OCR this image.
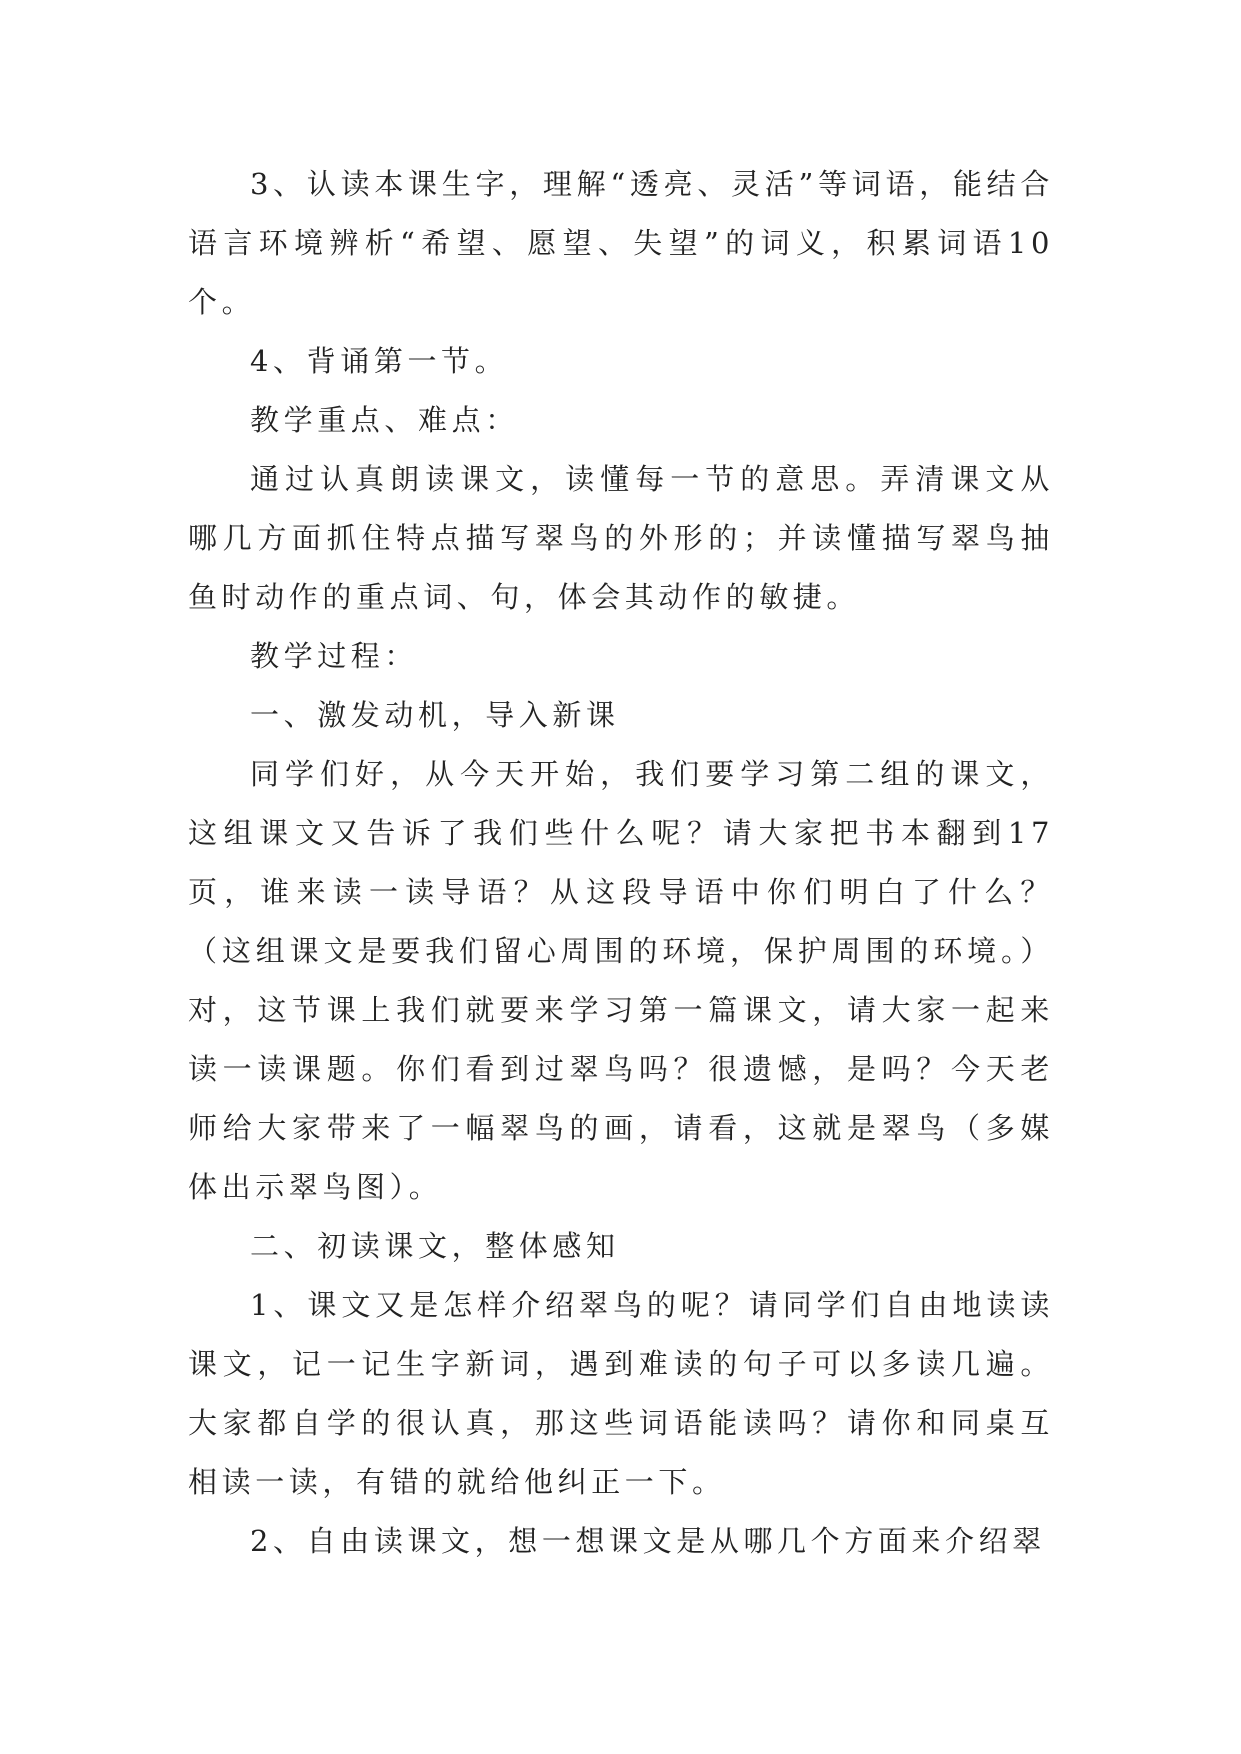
3、认读本课生字，理解“透亮、灵活”等词语，能结合语言环境辨析“希望、愿望、失望”的词义，积累词语10个。

4、背诵第一节。

教学重点、难点：

通过认真朗读课文，读懂每一节的意思。弄清课文从哪几方面抓住特点描写翠鸟的外形的；并读懂描写翠鸟抽鱼时动作的重点词、句，体会其动作的敏捷。

教学过程：

一、激发动机，导入新课

同学们好，从今天开始，我们要学习第二组的课文，这组课文又告诉了我们些什么呢？请大家把书本翻到17页，谁来读一读导语？从这段导语中你们明白了什么？（这组课文是要我们留心周围的环境，保护周围的环境。）对，这节课上我们就要来学习第一篇课文，请大家一起来读一读课题。你们看到过翠鸟吗？很遗憾，是吗？今天老师给大家带来了一幅翠鸟的画，请看，这就是翠鸟（多媒体出示翠鸟图）。

二、初读课文，整体感知

1、课文又是怎样介绍翠鸟的呢？请同学们自由地读读课文，记一记生字新词，遇到难读的句子可以多读几遍。大家都自学的很认真，那这些词语能读吗？请你和同桌互相读一读，有错的就给他纠正一下。

2、自由读课文，想一想课文是从哪几个方面来介绍翠
